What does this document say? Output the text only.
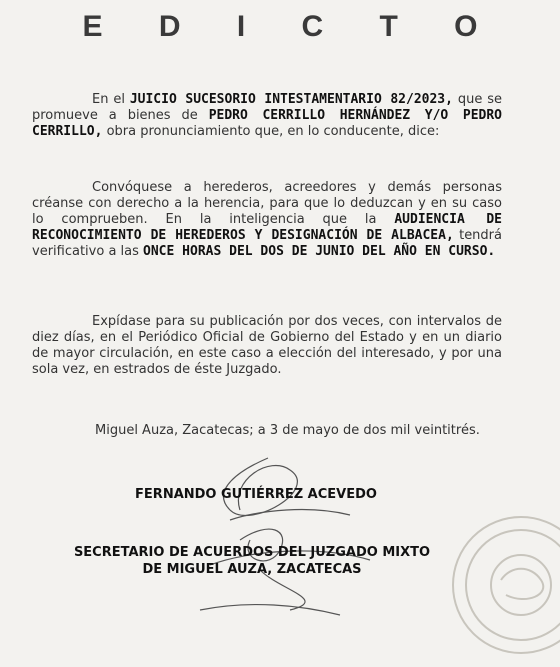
E D I C T O
En el JUICIO SUCESORIO INTESTAMENTARIO 82/2023, que se promueve a bienes de PEDRO CERRILLO HERNÁNDEZ Y/O PEDRO CERRILLO, obra pronunciamiento que, en lo conducente, dice:
Convóquese a herederos, acreedores y demás personas créanse con derecho a la herencia, para que lo deduzcan y en su caso lo comprueben. En la inteligencia que la AUDIENCIA DE RECONOCIMIENTO DE HEREDEROS Y DESIGNACIÓN DE ALBACEA, tendrá verificativo a las ONCE HORAS DEL DOS DE JUNIO DEL AÑO EN CURSO.
Expídase para su publicación por dos veces, con intervalos de diez días, en el Periódico Oficial de Gobierno del Estado y en un diario de mayor circulación, en este caso a elección del interesado, y por una sola vez, en estrados de éste Juzgado.
Miguel Auza, Zacatecas; a 3 de mayo de dos mil veintitrés.
FERNANDO GUTIÉRREZ ACEVEDO
SECRETARIO DE ACUERDOS DEL JUZGADO MIXTO
DE MIGUEL AUZA, ZACATECAS
